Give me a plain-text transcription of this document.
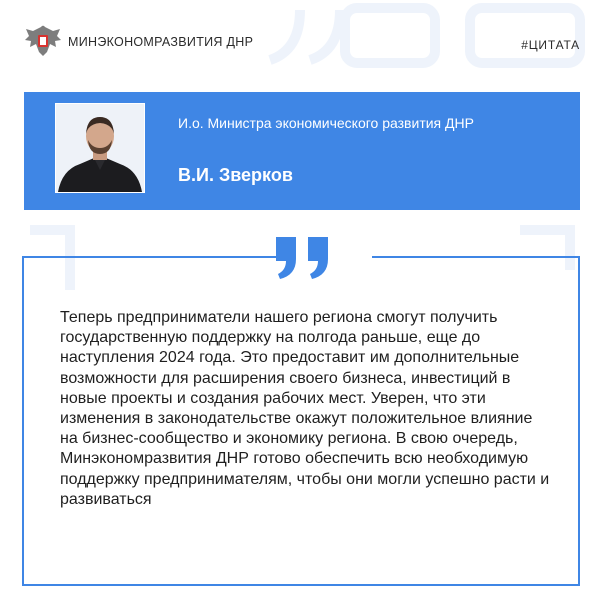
МИНЭКОНОМРАЗВИТИЯ ДНР	#ЦИТАТА
И.о. Министра экономического развития ДНР
В.И. Зверков
Теперь предприниматели нашего региона смогут получить государственную поддержку на полгода раньше, еще до наступления 2024 года. Это предоставит им дополнительные возможности для расширения своего бизнеса, инвестиций в новые проекты и создания рабочих мест. Уверен, что эти изменения в законодательстве окажут положительное влияние на бизнес-сообщество и экономику региона. В свою очередь, Минэкономразвития ДНР готово обеспечить всю необходимую поддержку предпринимателям, чтобы они могли успешно расти и развиваться
